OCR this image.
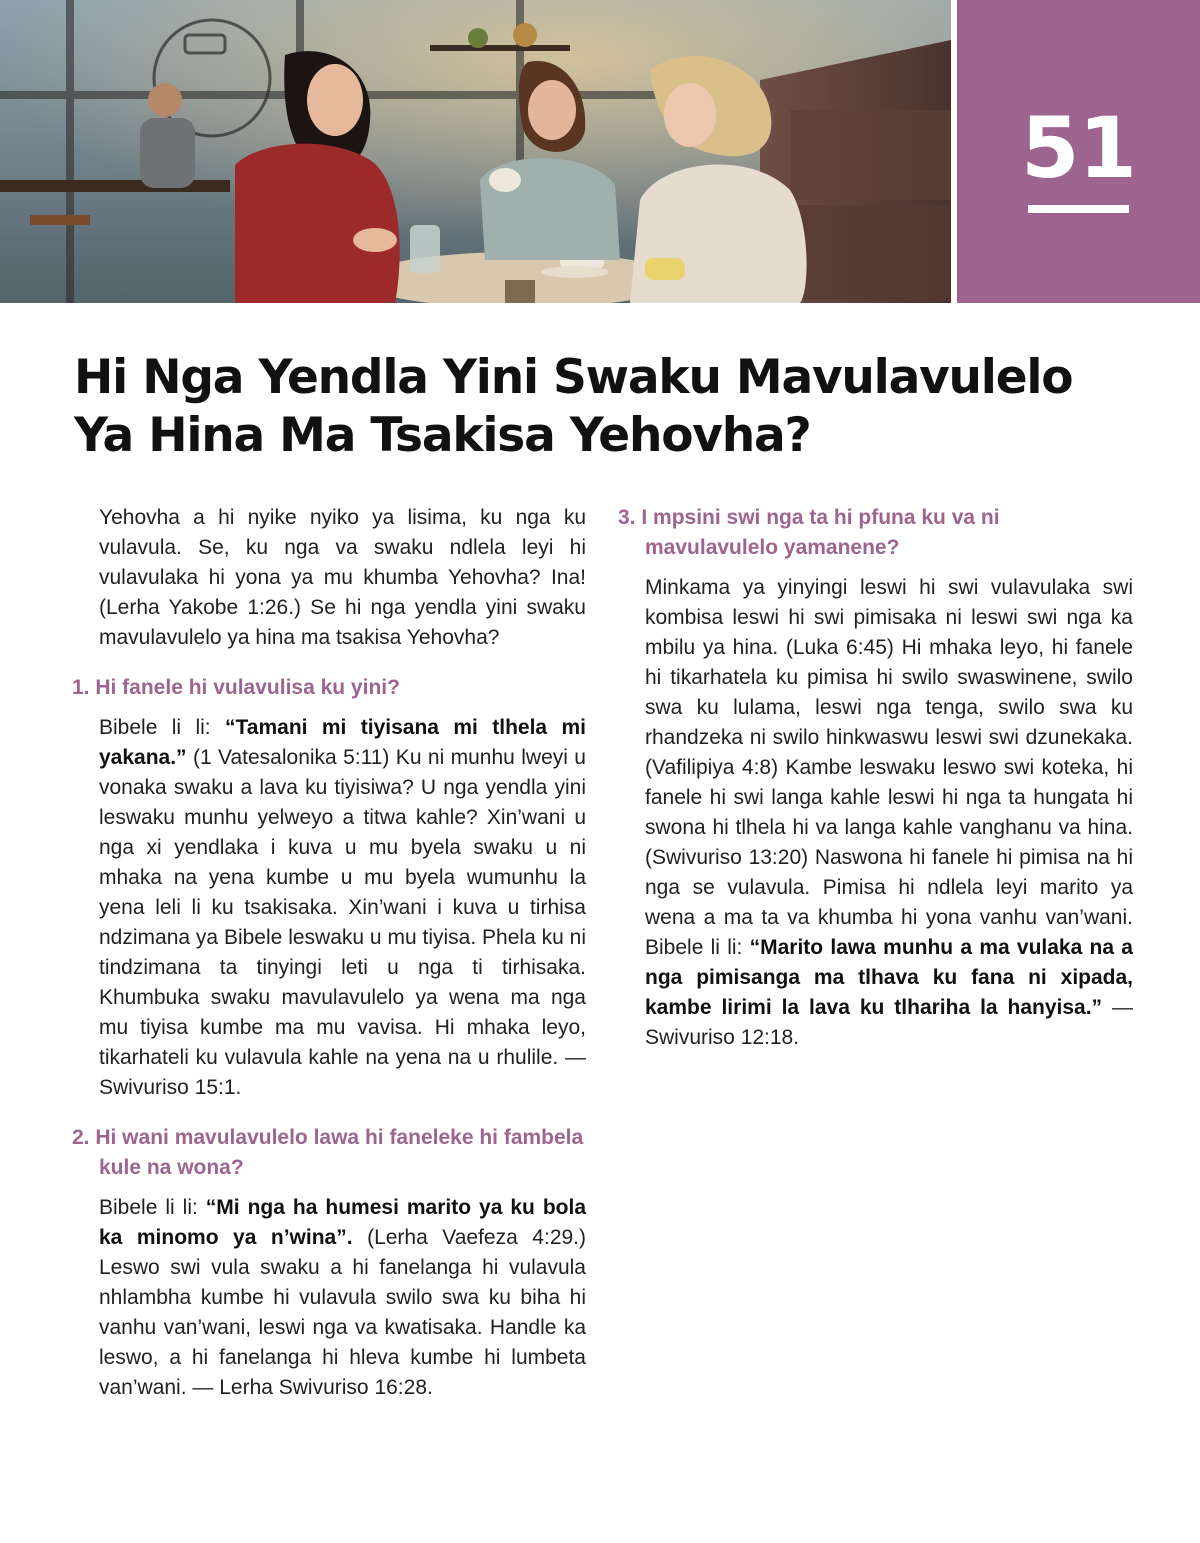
51
Hi Nga Yendla Yini Swaku Mavulavulelo
Ya Hina Ma Tsakisa Yehovha?

Yehovha a hi nyike nyiko ya lisima, ku nga ku vulavula. Se, ku nga va swaku ndlela leyi hi vulavulaka hi yona ya mu khumba Yehovha? Ina! (Lerha Yakobe 1:26.) Se hi nga yendla yini swaku mavulavulelo ya hina ma tsakisa Yehovha?

1. Hi fanele hi vulavulisa ku yini?

Bibele li li: “Tamani mi tiyisana mi tlhela mi yakana.” (1 Vatesalonika 5:11) Ku ni munhu lweyi u vonaka swaku a lava ku tiyisiwa? U nga yendla yini leswaku munhu yelweyo a titwa kahle? Xin’wani u nga xi yendlaka i kuva u mu byela swaku u ni mhaka na yena kumbe u mu byela wumunhu la yena leli li ku tsakisaka. Xin’wani i kuva u tirhisa ndzimana ya Bibele leswaku u mu tiyisa. Phela ku ni tindzimana ta tinyingi leti u nga ti tirhisaka. Khumbuka swaku mavulavulelo ya wena ma nga mu tiyisa kumbe ma mu vavisa. Hi mhaka leyo, tikarhateli ku vulavula kahle na yena na u rhulile. — Swivuriso 15:1.

2. Hi wani mavulavulelo lawa hi faneleke hi fambela kule na wona?

Bibele li li: “Mi nga ha humesi marito ya ku bola ka minomo ya n’wina”. (Lerha Vaefeza 4:29.) Leswo swi vula swaku a hi fanelanga hi vulavula nhlambha kumbe hi vulavula swilo swa ku biha hi vanhu van’wani, leswi nga va kwatisaka. Handle ka leswo, a hi fanelanga hi hleva kumbe hi lumbeta van’wani. — Lerha Swivuriso 16:28.

3. I mpsini swi nga ta hi pfuna ku va ni mavulavulelo yamanene?

Minkama ya yinyingi leswi hi swi vulavulaka swi kombisa leswi hi swi pimisaka ni leswi swi nga ka mbilu ya hina. (Luka 6:45) Hi mhaka leyo, hi fanele hi tikarhatela ku pimisa hi swilo swaswinene, swilo swa ku lulama, leswi nga tenga, swilo swa ku rhandzeka ni swilo hinkwaswu leswi swi dzunekaka. (Vafilipiya 4:8) Kambe leswaku leswo swi koteka, hi fanele hi swi langa kahle leswi hi nga ta hungata hi swona hi tlhela hi va langa kahle vanghanu va hina. (Swivuriso 13:20) Naswona hi fanele hi pimisa na hi nga se vulavula. Pimisa hi ndlela leyi marito ya wena a ma ta va khumba hi yona vanhu van’wani. Bibele li li: “Marito lawa munhu a ma vulaka na a nga pimisanga ma tlhava ku fana ni xipada, kambe lirimi la lava ku tlhariha la hanyisa.” — Swivuriso 12:18.
